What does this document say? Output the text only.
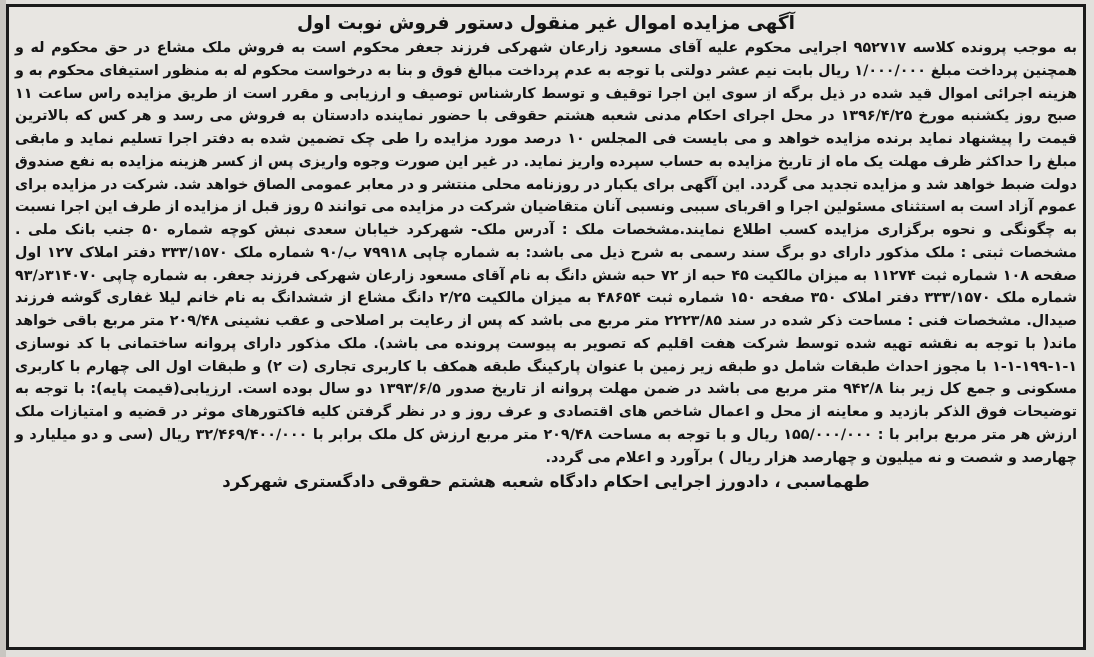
آگهی مزایده اموال غیر منقول دستور فروش نوبت اول

به موجب پرونده کلاسه ۹۵۲۷۱۷ اجرایی محکوم علیه آقای مسعود زارعان شهرکی فرزند جعفر محکوم است به فروش ملک مشاع در حق محکوم له و همچنین پرداخت مبلغ ۱/۰۰۰/۰۰۰ ریال بابت نیم عشر دولتی با توجه به عدم پرداخت مبالغ فوق و بنا به درخواست محکوم له به منظور استیفای محکوم به و هزینه اجرائی اموال قید شده در ذیل برگه از سوی این اجرا توقیف و توسط کارشناس توصیف و ارزیابی و مقرر است از طریق مزایده راس ساعت ۱۱ صبح روز یکشنبه مورخ ۱۳۹۶/۴/۲۵ در محل اجرای احکام مدنی شعبه هشتم حقوقی با حضور نماینده دادستان به فروش می رسد و هر کس که بالاترین قیمت را پیشنهاد نماید برنده مزایده خواهد و می بایست فی المجلس ۱۰ درصد مورد مزایده را طی چک تضمین شده به دفتر اجرا تسلیم نماید و مابقی مبلغ را حداکثر ظرف مهلت یک ماه از تاریخ مزایده به حساب سپرده واریز نماید. در غیر این صورت وجوه واریزی پس از کسر هزینه مزایده به نفع صندوق دولت ضبط خواهد شد و مزایده تجدید می گردد. این آگهی برای یکبار در روزنامه محلی منتشر و در معابر عمومی الصاق خواهد شد. شرکت در مزایده برای عموم آزاد است به استثنای مسئولین اجرا و اقربای سببی ونسبی آنان متقاضیان شرکت در مزایده می توانند ۵ روز قبل از مزایده از طرف این اجرا نسبت به چگونگی و نحوه برگزاری مزایده کسب اطلاع نمایند.مشخصات ملک : آدرس ملک- شهرکرد خیابان سعدی نبش کوچه شماره ۵۰ جنب بانک ملی . مشخصات ثبتی : ملک مذکور دارای دو برگ سند رسمی به شرح ذیل می باشد: به شماره چاپی ۷۹۹۱۸ ب/۹۰ شماره ملک ۳۳۳/۱۵۷۰ دفتر املاک ۱۲۷ اول صفحه ۱۰۸ شماره ثبت ۱۱۲۷۴ به میزان مالکیت ۴۵ حبه از ۷۲ حبه شش دانگ به نام آقای مسعود زارعان شهرکی فرزند جعفر. به شماره چاپی ۳۱۴۰۷۰د/۹۳ شماره ملک ۳۳۳/۱۵۷۰ دفتر املاک ۳۵۰ صفحه ۱۵۰ شماره ثبت ۴۸۶۵۴ به میزان مالکیت ۲/۲۵ دانگ مشاع از ششدانگ به نام خانم لیلا غفاری گوشه فرزند صیدال. مشخصات فنی : مساحت ذکر شده در سند ۲۲۲۳/۸۵ متر مربع می باشد که پس از رعایت بر اصلاحی و عقب نشینی ۲۰۹/۴۸ متر مربع باقی خواهد ماند( با توجه به نقشه تهیه شده توسط شرکت هفت اقلیم که تصویر به پیوست پرونده می باشد). ملک مذکور دارای پروانه ساختمانی با کد نوسازی ۱-۱-۱۹۹-۱-۱ با مجوز احداث طبقات شامل دو طبقه زیر زمین با عنوان پارکینگ طبقه همکف با کاربری تجاری (ت ۲) و طبقات اول الی چهارم با کاربری مسکونی و جمع کل زیر بنا ۹۴۲/۸ متر مربع می باشد در ضمن مهلت پروانه از تاریخ صدور ۱۳۹۳/۶/۵ دو سال بوده است. ارزیابی(قیمت پایه): با توجه به توضیحات فوق الذکر بازدید و معاینه از محل و اعمال شاخص های اقتصادی و عرف روز و در نظر گرفتن کلیه فاکتورهای موثر در قضیه و امتیازات ملک ارزش هر متر مربع برابر با : ۱۵۵/۰۰۰/۰۰۰ ریال و با توجه به مساحت ۲۰۹/۴۸ متر مربع ارزش کل ملک برابر با ۳۲/۴۶۹/۴۰۰/۰۰۰ ریال (سی و دو میلیارد و چهارصد و شصت و نه میلیون و چهارصد هزار ریال ) برآورد و اعلام می گردد.

طهماسبی ، دادورز اجرایی احکام دادگاه شعبه هشتم حقوقی دادگستری شهرکرد
